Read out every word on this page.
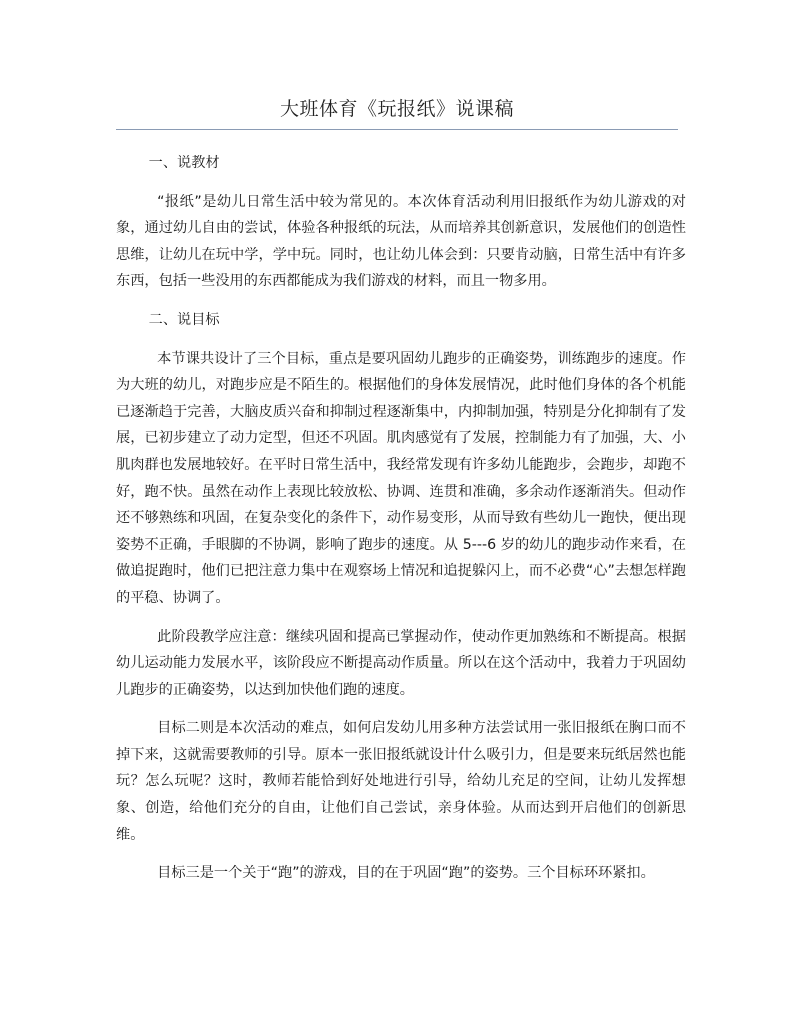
大班体育《玩报纸》说课稿

一、说教材

“报纸”是幼儿日常生活中较为常见的。本次体育活动利用旧报纸作为幼儿游戏的对象，通过幼儿自由的尝试，体验各种报纸的玩法，从而培养其创新意识，发展他们的创造性思维，让幼儿在玩中学，学中玩。同时，也让幼儿体会到：只要肯动脑，日常生活中有许多东西，包括一些没用的东西都能成为我们游戏的材料，而且一物多用。

二、说目标

本节课共设计了三个目标，重点是要巩固幼儿跑步的正确姿势，训练跑步的速度。作为大班的幼儿，对跑步应是不陌生的。根据他们的身体发展情况，此时他们身体的各个机能已逐渐趋于完善，大脑皮质兴奋和抑制过程逐渐集中，内抑制加强，特别是分化抑制有了发展，已初步建立了动力定型，但还不巩固。肌肉感觉有了发展，控制能力有了加强，大、小肌肉群也发展地较好。在平时日常生活中，我经常发现有许多幼儿能跑步，会跑步，却跑不好，跑不快。虽然在动作上表现比较放松、协调、连贯和准确，多余动作逐渐消失。但动作还不够熟练和巩固，在复杂变化的条件下，动作易变形，从而导致有些幼儿一跑快，便出现姿势不正确，手眼脚的不协调，影响了跑步的速度。从 5---6 岁的幼儿的跑步动作来看，在做追捉跑时，他们已把注意力集中在观察场上情况和追捉躲闪上，而不必费“心”去想怎样跑的平稳、协调了。

此阶段教学应注意：继续巩固和提高已掌握动作，使动作更加熟练和不断提高。根据幼儿运动能力发展水平，该阶段应不断提高动作质量。所以在这个活动中，我着力于巩固幼儿跑步的正确姿势，以达到加快他们跑的速度。

目标二则是本次活动的难点，如何启发幼儿用多种方法尝试用一张旧报纸在胸口而不掉下来，这就需要教师的引导。原本一张旧报纸就设计什么吸引力，但是要来玩纸居然也能玩？怎么玩呢？这时，教师若能恰到好处地进行引导，给幼儿充足的空间，让幼儿发挥想象、创造，给他们充分的自由，让他们自己尝试，亲身体验。从而达到开启他们的创新思维。

目标三是一个关于“跑”的游戏，目的在于巩固“跑”的姿势。三个目标环环紧扣。
